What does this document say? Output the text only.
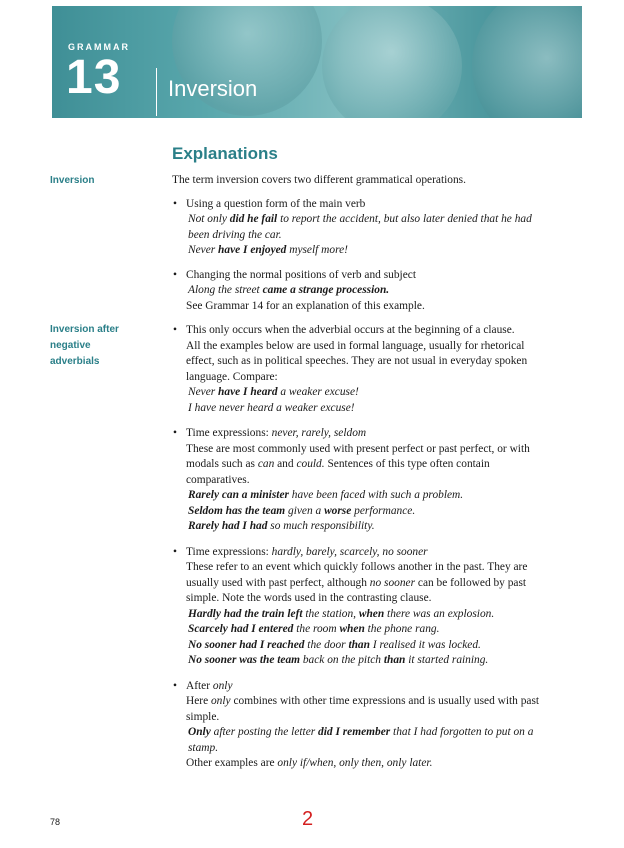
GRAMMAR
13 Inversion
Explanations
Inversion
Inversion after
negative
adverbials

The term inversion covers two different grammatical operations.

• Using a question form of the main verb

Not only did he fail to report the accident, but also later denied that he had

been driving the car.

Never have I enjoyed myself more!

• Changing the normal positions of verb and subject

Along the street came a strange procession.

See Grammar 14 for an explanation of this example.

• This only occurs when the adverbial occurs at the beginning of a clause.

All the examples below are used in formal language, usually for rhetorical

effect, such as in political speeches. They are not usual in everyday spoken

language. Compare:

Never have I heard a weaker excuse!

I have never heard a weaker excuse!

• Time expressions: never, rarely, seldom

These are most commonly used with present perfect or past perfect, or with

modals such as can and could. Sentences of this type often contain

comparatives.

Rarely can a minister have been faced with such a problem.

Seldom has the team given a worse performance.

Rarely had I had so much responsibility.

• Time expressions: hardly, barely, scarcely, no sooner

These refer to an event which quickly follows another in the past. They are

usually used with past perfect, although no sooner can be followed by past

simple. Note the words used in the contrasting clause.

Hardly had the train left the station, when there was an explosion.

Scarcely had I entered the room when the phone rang.

No sooner had I reached the door than I realised it was locked.

No sooner was the team back on the pitch than it started raining.

• After only

Here only combines with other time expressions and is usually used with past

simple.

Only after posting the letter did I remember that I had forgotten to put on a

stamp.

Other examples are only if/when, only then, only later.

78	2
